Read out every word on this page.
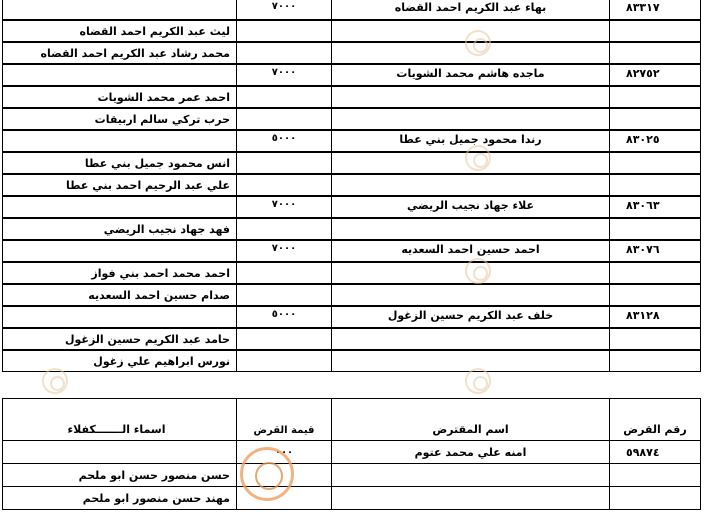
٨٣٣١٧
بهاء عبد الكريم احمد القضاه
٧٠٠٠
ليث عبد الكريم احمد القضاه
محمد رشاد عبد الكريم احمد القضاه
٨٢٧٥٢
ماجده هاشم محمد الشويات
٧٠٠٠
احمد عمر محمد الشويات
حرب تركي سالم اربيقات
٨٣٠٢٥
رندا محمود جميل بني عطا
٥٠٠٠
انس محمود جميل بني عطا
علي عبد الرحيم احمد بني عطا
٨٣٠٦٣
علاء جهاد نجيب الريضي
٧٠٠٠
فهد جهاد نجيب الريضي
٨٣٠٧٦
احمد حسين احمد السعديه
٧٠٠٠
احمد محمد احمد بني فواز
صدام حسين احمد السعديه
٨٣١٢٨
خلف عبد الكريم حسين الزغول
٥٠٠٠
حامد عبد الكريم حسين الزغول
نورس ابراهيم علي زغول
رقم القرض
اسم المقترض
قيمة القرض
اسماء الـــــــكفلاء
٥٩٨٧٤
امنه علي محمد عتوم
٠٠٠
حسن منصور حسن ابو ملحم
مهند حسن منصور ابو ملحم
